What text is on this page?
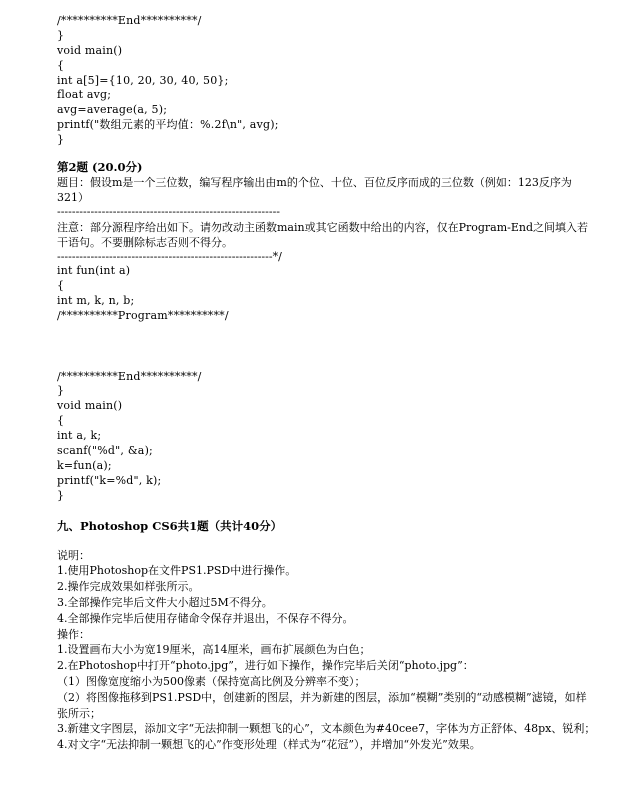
/**********End**********/
}
void main()
{
int a[5]={10, 20, 30, 40, 50};
float avg;
avg=average(a, 5);
printf("数组元素的平均值：%.2f\n", avg);
}
第2题 (20.0分)
题目：假设m是一个三位数，编写程序输出由m的个位、十位、百位反序而成的三位数（例如：123反序为321）
------------------------------------------------------------
注意：部分源程序给出如下。请勿改动主函数main或其它函数中给出的内容，仅在Program-End之间填入若干语句。不要删除标志否则不得分。
----------------------------------------------------------*/
int fun(int a)
{
int m, k, n, b;
/**********Program**********/
/**********End**********/
}
void main()
{
int a, k;
scanf("%d", &a);
k=fun(a);
printf("k=%d", k);
}
九、Photoshop CS6共1题（共计40分）
说明：
1.使用Photoshop在文件PS1.PSD中进行操作。
2.操作完成效果如样张所示。
3.全部操作完毕后文件大小超过5M不得分。
4.全部操作完毕后使用存储命令保存并退出，不保存不得分。
操作：
1.设置画布大小为宽19厘米，高14厘米，画布扩展颜色为白色；
2.在Photoshop中打开“photo.jpg”，进行如下操作，操作完毕后关闭“photo.jpg”：
（1）图像宽度缩小为500像素（保持宽高比例及分辨率不变）；
（2）将图像拖移到PS1.PSD中，创建新的图层，并为新建的图层，添加“模糊”类别的“动感模糊”滤镜，如样张所示；
3.新建文字图层，添加文字“无法抑制一颗想飞的心”，文本颜色为#40cee7，字体为方正舒体、48px、锐利；
4.对文字“无法抑制一颗想飞的心”作变形处理（样式为“花冠”），并增加“外发光”效果。
